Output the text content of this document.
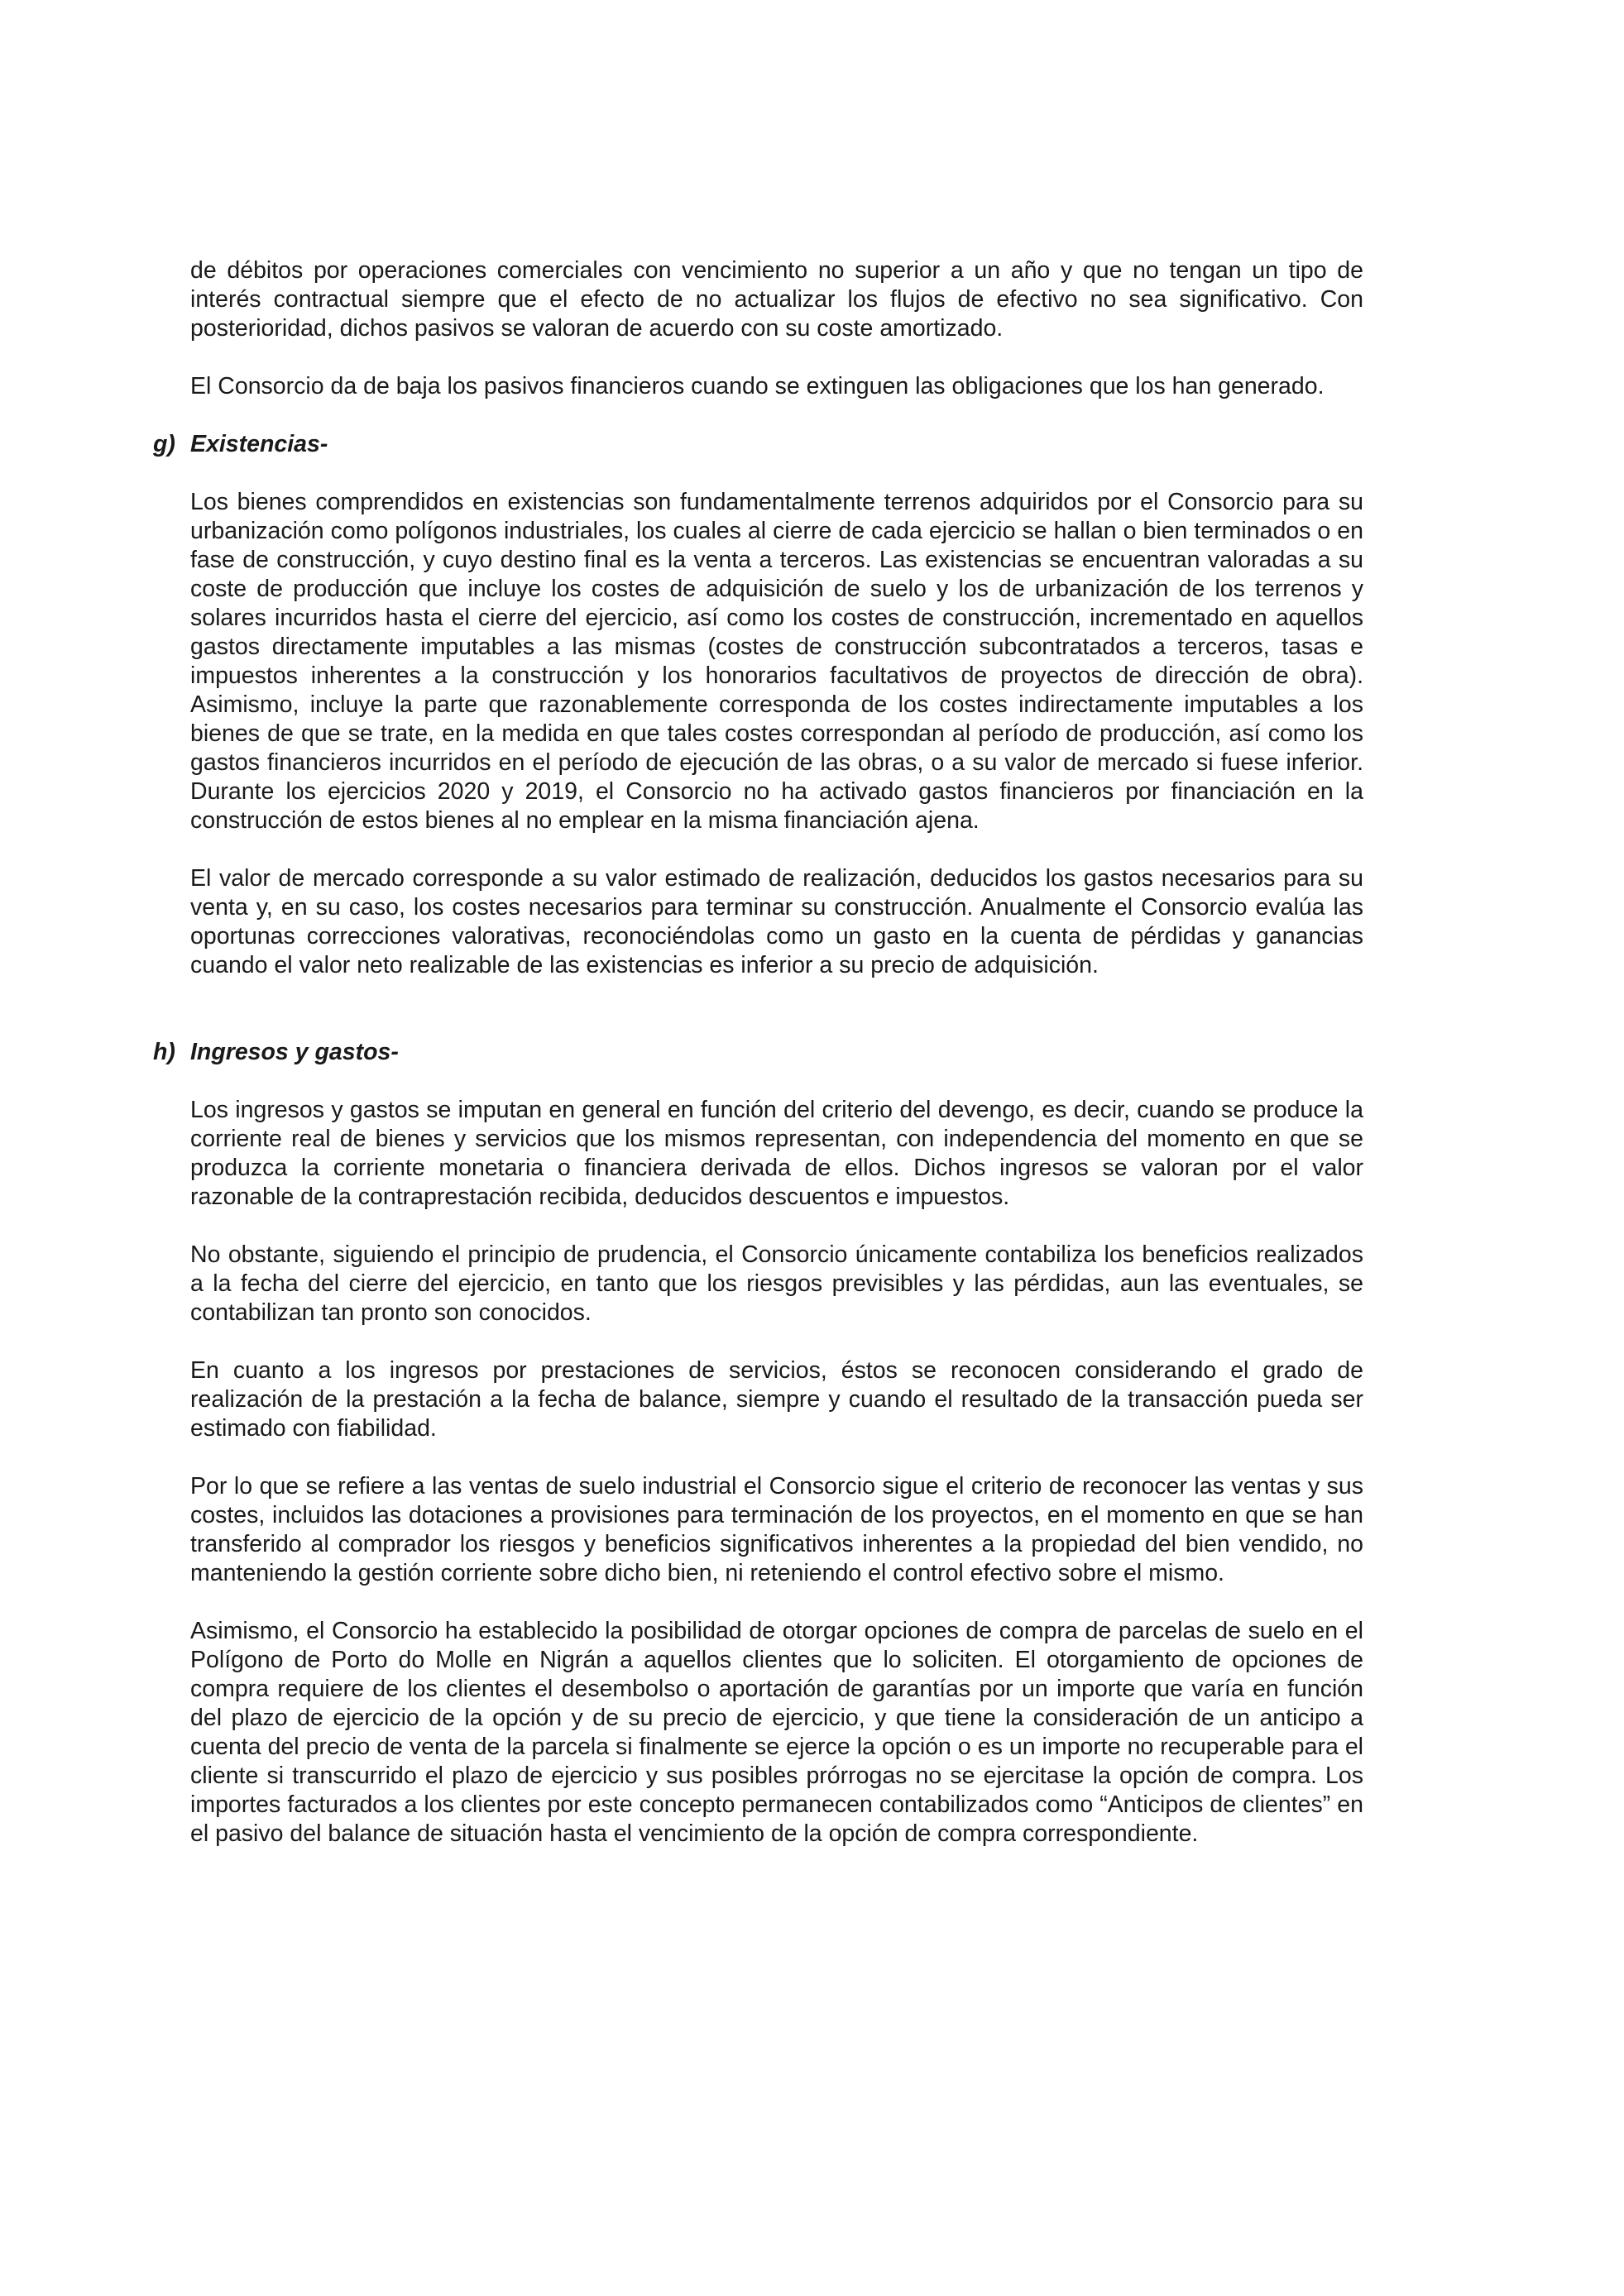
de débitos por operaciones comerciales con vencimiento no superior a un año y que no tengan un tipo de interés contractual siempre que el efecto de no actualizar los flujos de efectivo no sea significativo. Con posterioridad, dichos pasivos se valoran de acuerdo con su coste amortizado.

El Consorcio da de baja los pasivos financieros cuando se extinguen las obligaciones que los han generado.

g) Existencias-

Los bienes comprendidos en existencias son fundamentalmente terrenos adquiridos por el Consorcio para su urbanización como polígonos industriales, los cuales al cierre de cada ejercicio se hallan o bien terminados o en fase de construcción, y cuyo destino final es la venta a terceros. Las existencias se encuentran valoradas a su coste de producción que incluye los costes de adquisición de suelo y los de urbanización de los terrenos y solares incurridos hasta el cierre del ejercicio, así como los costes de construcción, incrementado en aquellos gastos directamente imputables a las mismas (costes de construcción subcontratados a terceros, tasas e impuestos inherentes a la construcción y los honorarios facultativos de proyectos de dirección de obra). Asimismo, incluye la parte que razonablemente corresponda de los costes indirectamente imputables a los bienes de que se trate, en la medida en que tales costes correspondan al período de producción, así como los gastos financieros incurridos en el período de ejecución de las obras, o a su valor de mercado si fuese inferior. Durante los ejercicios 2020 y 2019, el Consorcio no ha activado gastos financieros por financiación en la construcción de estos bienes al no emplear en la misma financiación ajena.

El valor de mercado corresponde a su valor estimado de realización, deducidos los gastos necesarios para su venta y, en su caso, los costes necesarios para terminar su construcción. Anualmente el Consorcio evalúa las oportunas correcciones valorativas, reconociéndolas como un gasto en la cuenta de pérdidas y ganancias cuando el valor neto realizable de las existencias es inferior a su precio de adquisición.

h) Ingresos y gastos-

Los ingresos y gastos se imputan en general en función del criterio del devengo, es decir, cuando se produce la corriente real de bienes y servicios que los mismos representan, con independencia del momento en que se produzca la corriente monetaria o financiera derivada de ellos. Dichos ingresos se valoran por el valor razonable de la contraprestación recibida, deducidos descuentos e impuestos.

No obstante, siguiendo el principio de prudencia, el Consorcio únicamente contabiliza los beneficios realizados a la fecha del cierre del ejercicio, en tanto que los riesgos previsibles y las pérdidas, aun las eventuales, se contabilizan tan pronto son conocidos.

En cuanto a los ingresos por prestaciones de servicios, éstos se reconocen considerando el grado de realización de la prestación a la fecha de balance, siempre y cuando el resultado de la transacción pueda ser estimado con fiabilidad.

Por lo que se refiere a las ventas de suelo industrial el Consorcio sigue el criterio de reconocer las ventas y sus costes, incluidos las dotaciones a provisiones para terminación de los proyectos, en el momento en que se han transferido al comprador los riesgos y beneficios significativos inherentes a la propiedad del bien vendido, no manteniendo la gestión corriente sobre dicho bien, ni reteniendo el control efectivo sobre el mismo.

Asimismo, el Consorcio ha establecido la posibilidad de otorgar opciones de compra de parcelas de suelo en el Polígono de Porto do Molle en Nigrán a aquellos clientes que lo soliciten. El otorgamiento de opciones de compra requiere de los clientes el desembolso o aportación de garantías por un importe que varía en función del plazo de ejercicio de la opción y de su precio de ejercicio, y que tiene la consideración de un anticipo a cuenta del precio de venta de la parcela si finalmente se ejerce la opción o es un importe no recuperable para el cliente si transcurrido el plazo de ejercicio y sus posibles prórrogas no se ejercitase la opción de compra. Los importes facturados a los clientes por este concepto permanecen contabilizados como “Anticipos de clientes” en el pasivo del balance de situación hasta el vencimiento de la opción de compra correspondiente.
